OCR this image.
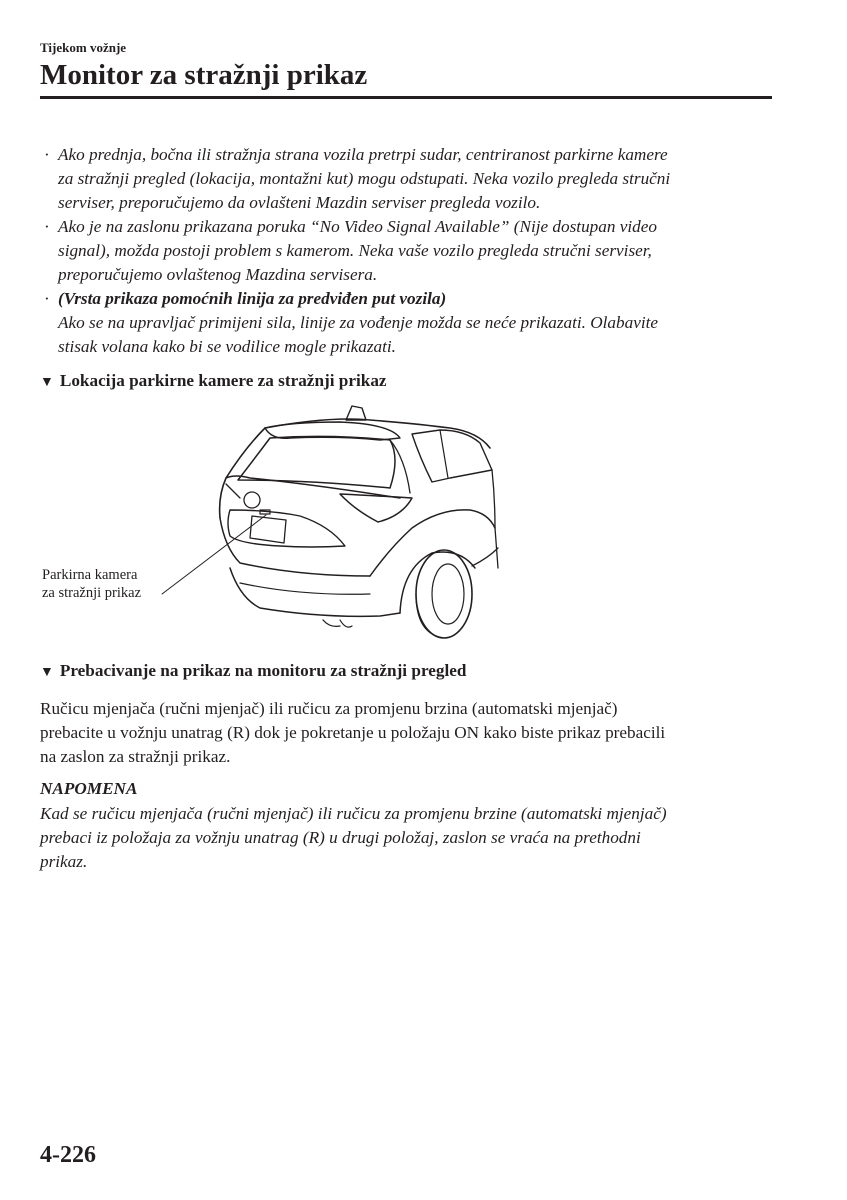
Tijekom vožnje
Monitor za stražnji prikaz
· Ako prednja, bočna ili stražnja strana vozila pretrpi sudar, centriranost parkirne kamere
za stražnji pregled (lokacija, montažni kut) mogu odstupati. Neka vozilo pregleda stručni
serviser, preporučujemo da ovlašteni Mazdin serviser pregleda vozilo.
· Ako je na zaslonu prikazana poruka “No Video Signal Available” (Nije dostupan video
signal), možda postoji problem s kamerom. Neka vaše vozilo pregleda stručni serviser,
preporučujemo ovlaštenog Mazdina servisera.
· (Vrsta prikaza pomoćnih linija za predviđen put vozila)
Ako se na upravljač primijeni sila, linije za vođenje možda se neće prikazati. Olabavite
stisak volana kako bi se vodilice mogle prikazati.
▼ Lokacija parkirne kamere za stražnji prikaz
Parkirna kamera
za stražnji prikaz
▼ Prebacivanje na prikaz na monitoru za stražnji pregled
Ručicu mjenjača (ručni mjenjač) ili ručicu za promjenu brzina (automatski mjenjač)
prebacite u vožnju unatrag (R) dok je pokretanje u položaju ON kako biste prikaz prebacili
na zaslon za stražnji prikaz.
NAPOMENA
Kad se ručicu mjenjača (ručni mjenjač) ili ručicu za promjenu brzine (automatski mjenjač)
prebaci iz položaja za vožnju unatrag (R) u drugi položaj, zaslon se vraća na prethodni
prikaz.
4-226
